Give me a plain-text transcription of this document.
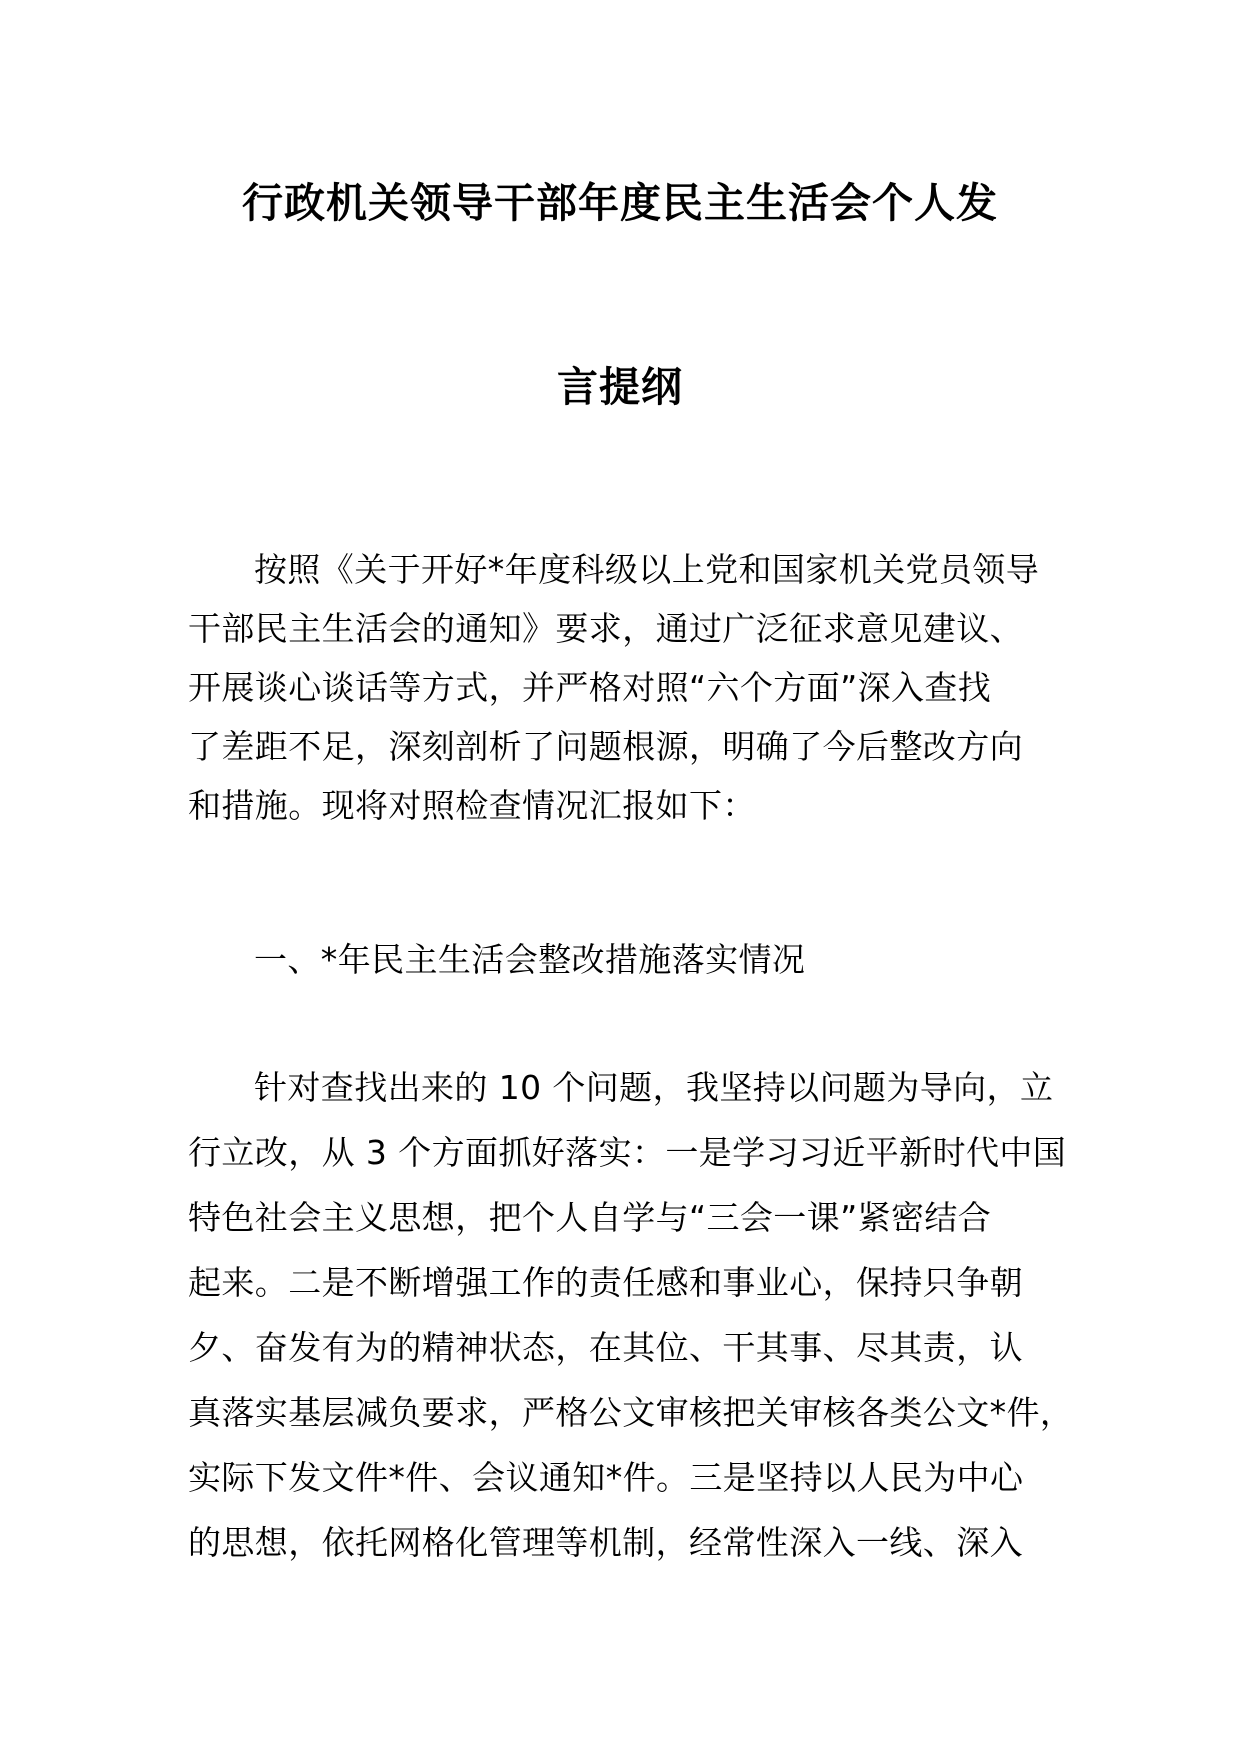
行政机关领导干部年度民主生活会个人发
言提纲

按照《关于开好*年度科级以上党和国家机关党员领导

干部民主生活会的通知》要求，通过广泛征求意见建议、

开展谈心谈话等方式，并严格对照“六个方面”深入查找

了差距不足，深刻剖析了问题根源，明确了今后整改方向

和措施。现将对照检查情况汇报如下：

一、*年民主生活会整改措施落实情况

针对查找出来的 10 个问题，我坚持以问题为导向，立

行立改，从 3 个方面抓好落实：一是学习习近平新时代中国

特色社会主义思想，把个人自学与“三会一课”紧密结合

起来。二是不断增强工作的责任感和事业心，保持只争朝

夕、奋发有为的精神状态，在其位、干其事、尽其责，认

真落实基层减负要求，严格公文审核把关审核各类公文*件，

实际下发文件*件、会议通知*件。三是坚持以人民为中心

的思想，依托网格化管理等机制，经常性深入一线、深入
